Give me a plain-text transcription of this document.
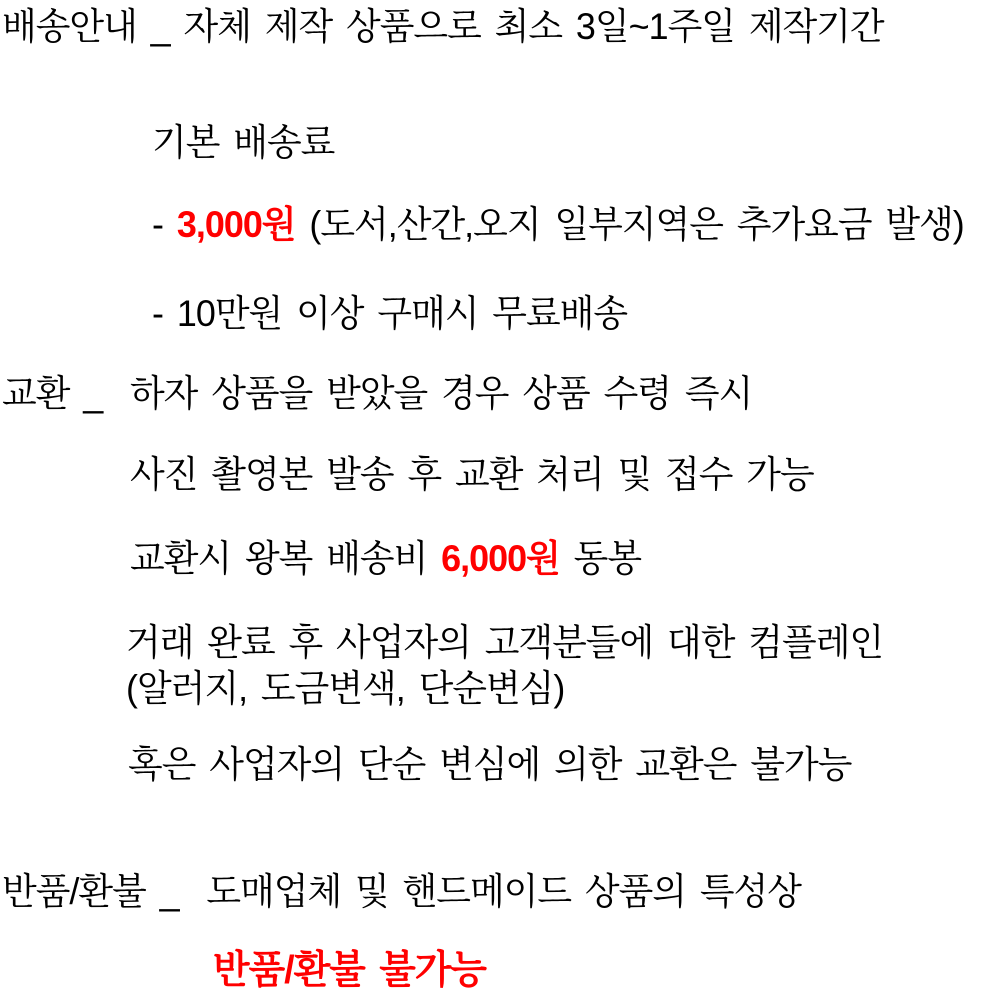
배송안내 _ 자체 제작 상품으로 최소 3일~1주일 제작기간
기본 배송료
- 3,000원 (도서,산간,오지 일부지역은 추가요금 발생)
- 10만원 이상 구매시 무료배송
교환 _  하자 상품을 받았을 경우 상품 수령 즉시
사진 촬영본 발송 후 교환 처리 및 접수 가능
교환시 왕복 배송비 6,000원 동봉
거래 완료 후 사업자의 고객분들에 대한 컴플레인
(알러지, 도금변색, 단순변심)
혹은 사업자의 단순 변심에 의한 교환은 불가능
반품/환불 _  도매업체 및 핸드메이드 상품의 특성상
반품/환불 불가능
